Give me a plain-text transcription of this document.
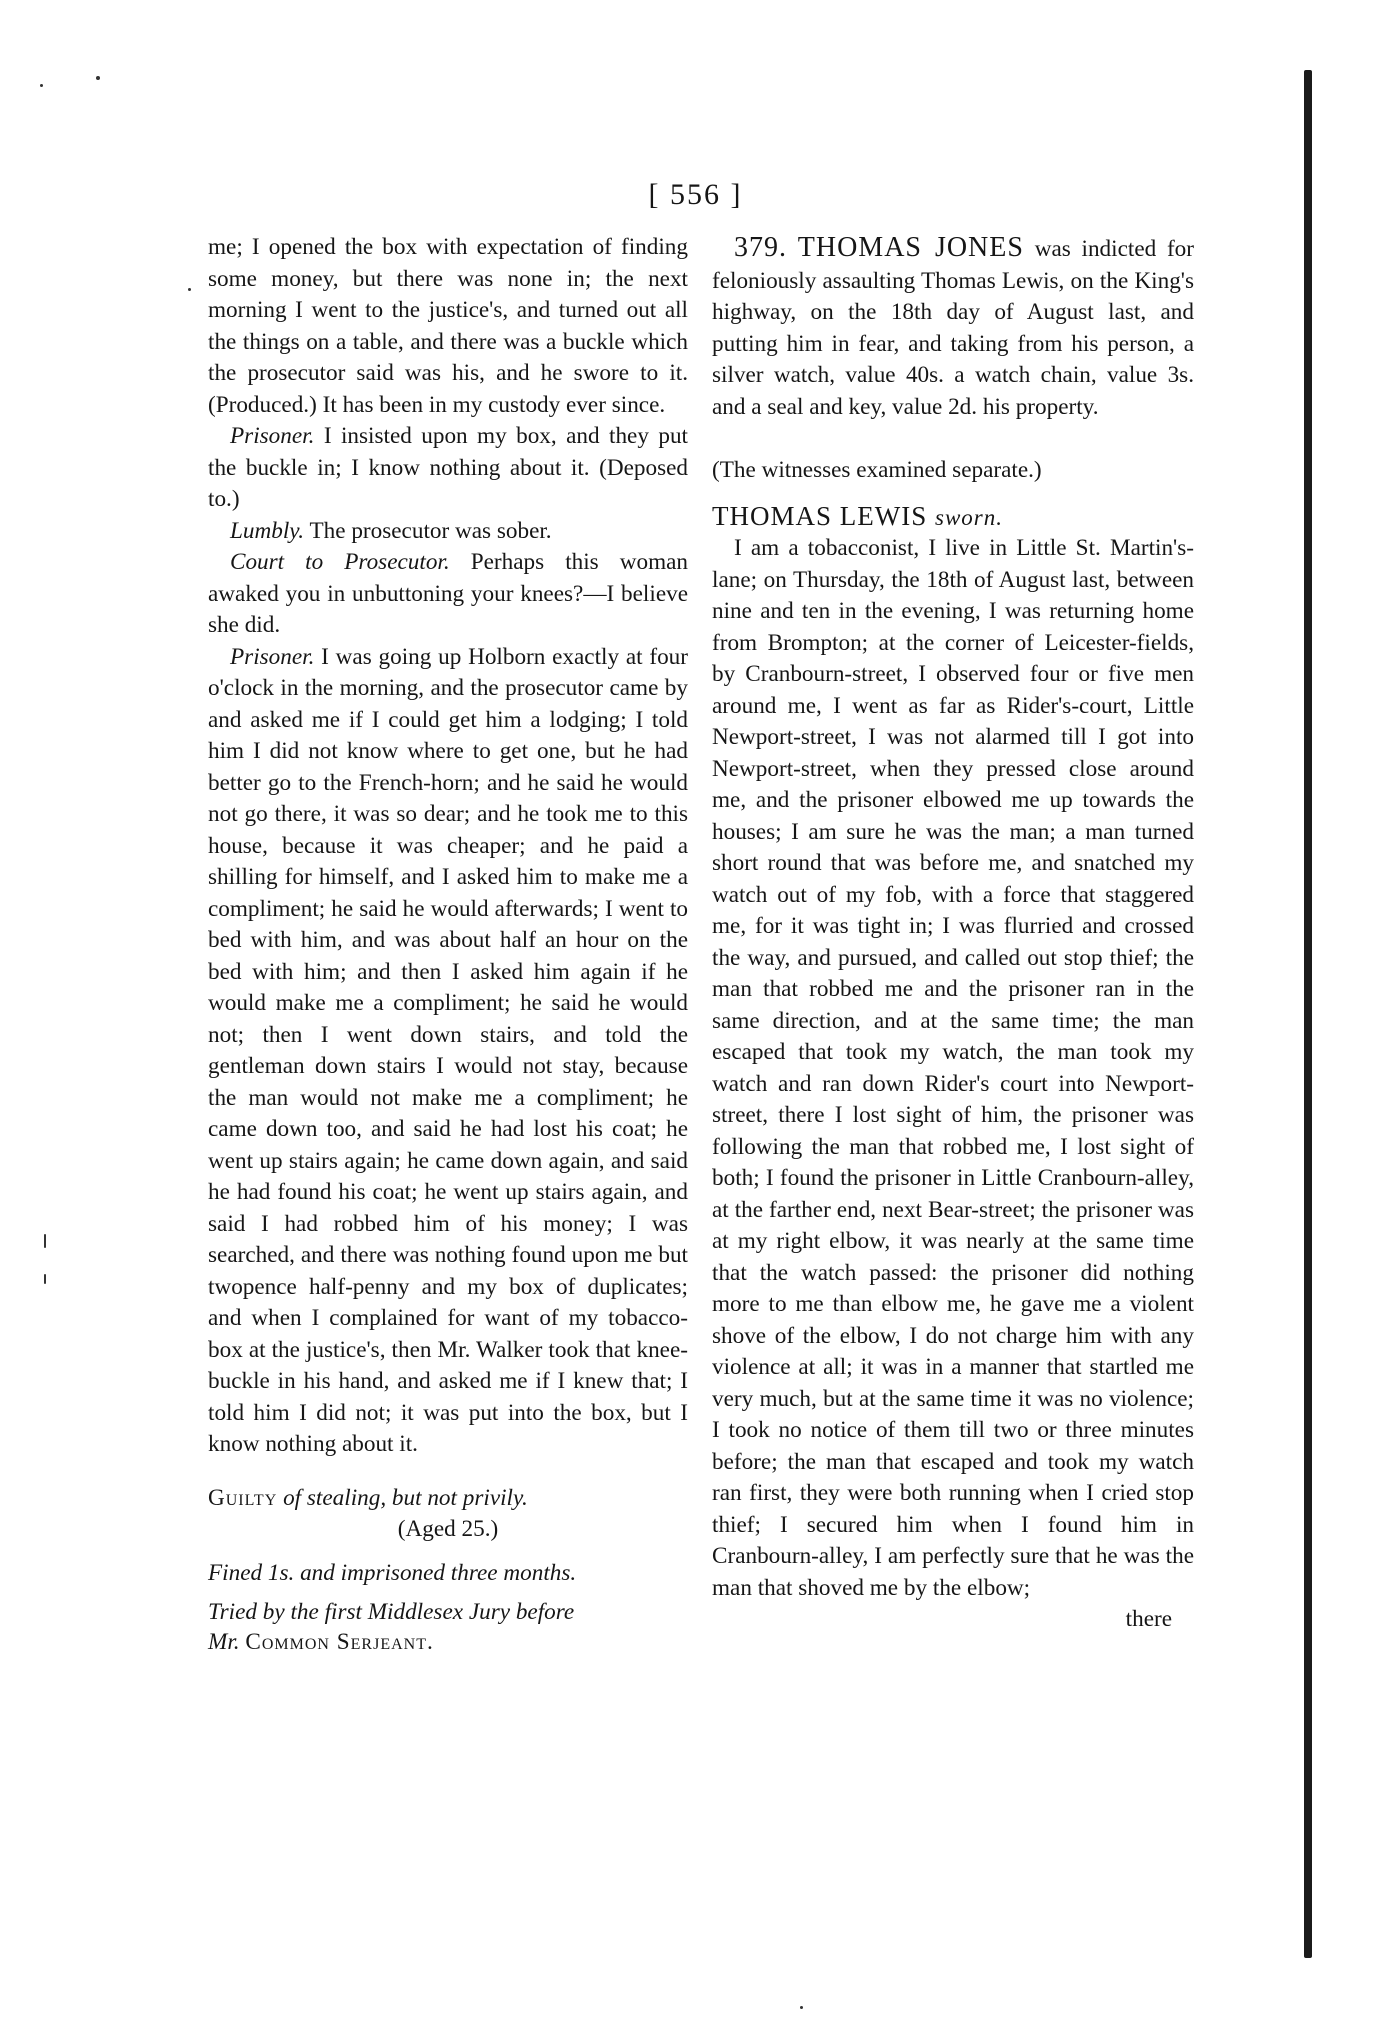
[ 556 ]

me; I opened the box with expectation of finding some money, but there was none in; the next morning I went to the justice's, and turned out all the things on a table, and there was a buckle which the prosecutor said was his, and he swore to it. (Produced.) It has been in my custody ever since.

Prisoner. I insisted upon my box, and they put the buckle in; I know nothing about it. (Deposed to.)

Lumbly. The prosecutor was sober.

Court to Prosecutor. Perhaps this woman awaked you in unbuttoning your knees?—I believe she did.

Prisoner. I was going up Holborn exactly at four o'clock in the morning, and the prosecutor came by and asked me if I could get him a lodging; I told him I did not know where to get one, but he had better go to the French-horn; and he said he would not go there, it was so dear; and he took me to this house, because it was cheaper; and he paid a shilling for himself, and I asked him to make me a compliment; he said he would afterwards; I went to bed with him, and was about half an hour on the bed with him; and then I asked him again if he would make me a compliment; he said he would not; then I went down stairs, and told the gentleman down stairs I would not stay, because the man would not make me a compliment; he came down too, and said he had lost his coat; he went up stairs again; he came down again, and said he had found his coat; he went up stairs again, and said I had robbed him of his money; I was searched, and there was nothing found upon me but twopence half-penny and my box of duplicates; and when I complained for want of my tobacco-box at the justice's, then Mr. Walker took that knee-buckle in his hand, and asked me if I knew that; I told him I did not; it was put into the box, but I know nothing about it.

Guilty of stealing, but not privily.

(Aged 25.)

Fined 1s. and imprisoned three months.

Tried by the first Middlesex Jury before
Mr. Common Serjeant.

379. THOMAS JONES was indicted for feloniously assaulting Thomas Lewis, on the King's highway, on the 18th day of August last, and putting him in fear, and taking from his person, a silver watch, value 40s. a watch chain, value 3s. and a seal and key, value 2d. his property.

(The witnesses examined separate.)

THOMAS LEWIS sworn.

I am a tobacconist, I live in Little St. Martin's-lane; on Thursday, the 18th of August last, between nine and ten in the evening, I was returning home from Brompton; at the corner of Leicester-fields, by Cranbourn-street, I observed four or five men around me, I went as far as Rider's-court, Little Newport-street, I was not alarmed till I got into Newport-street, when they pressed close around me, and the prisoner elbowed me up towards the houses; I am sure he was the man; a man turned short round that was before me, and snatched my watch out of my fob, with a force that staggered me, for it was tight in; I was flurried and crossed the way, and pursued, and called out stop thief; the man that robbed me and the prisoner ran in the same direction, and at the same time; the man escaped that took my watch, the man took my watch and ran down Rider's court into Newport-street, there I lost sight of him, the prisoner was following the man that robbed me, I lost sight of both; I found the prisoner in Little Cranbourn-alley, at the farther end, next Bear-street; the prisoner was at my right elbow, it was nearly at the same time that the watch passed: the prisoner did nothing more to me than elbow me, he gave me a violent shove of the elbow, I do not charge him with any violence at all; it was in a manner that startled me very much, but at the same time it was no violence; I took no notice of them till two or three minutes before; the man that escaped and took my watch ran first, they were both running when I cried stop thief; I secured him when I found him in Cranbourn-alley, I am perfectly sure that he was the man that shoved me by the elbow;

there
